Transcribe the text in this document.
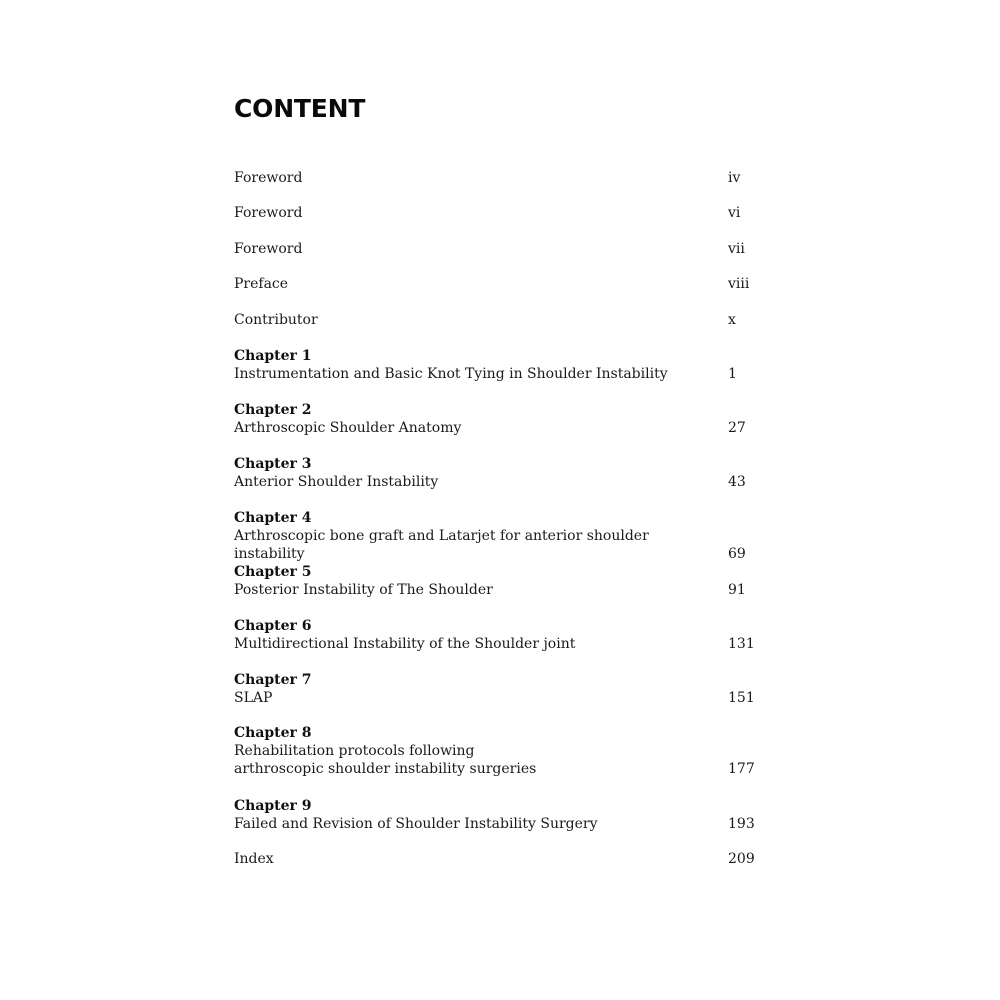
CONTENT
Foreword	iv
Foreword	vi
Foreword	vii
Preface	viii
Contributor	x
Chapter 1
Instrumentation and Basic Knot Tying in Shoulder Instability	1
Chapter 2
Arthroscopic Shoulder Anatomy	27
Chapter 3
Anterior Shoulder Instability	43
Chapter 4
Arthroscopic bone graft and Latarjet for anterior shoulder instability	69
Chapter 5
Posterior Instability of The Shoulder	91
Chapter 6
Multidirectional Instability of the Shoulder joint	131
Chapter 7
SLAP	151
Chapter 8
Rehabilitation protocols following arthroscopic shoulder instability surgeries	177
Chapter 9
Failed and Revision of Shoulder Instability Surgery	193
Index	209
